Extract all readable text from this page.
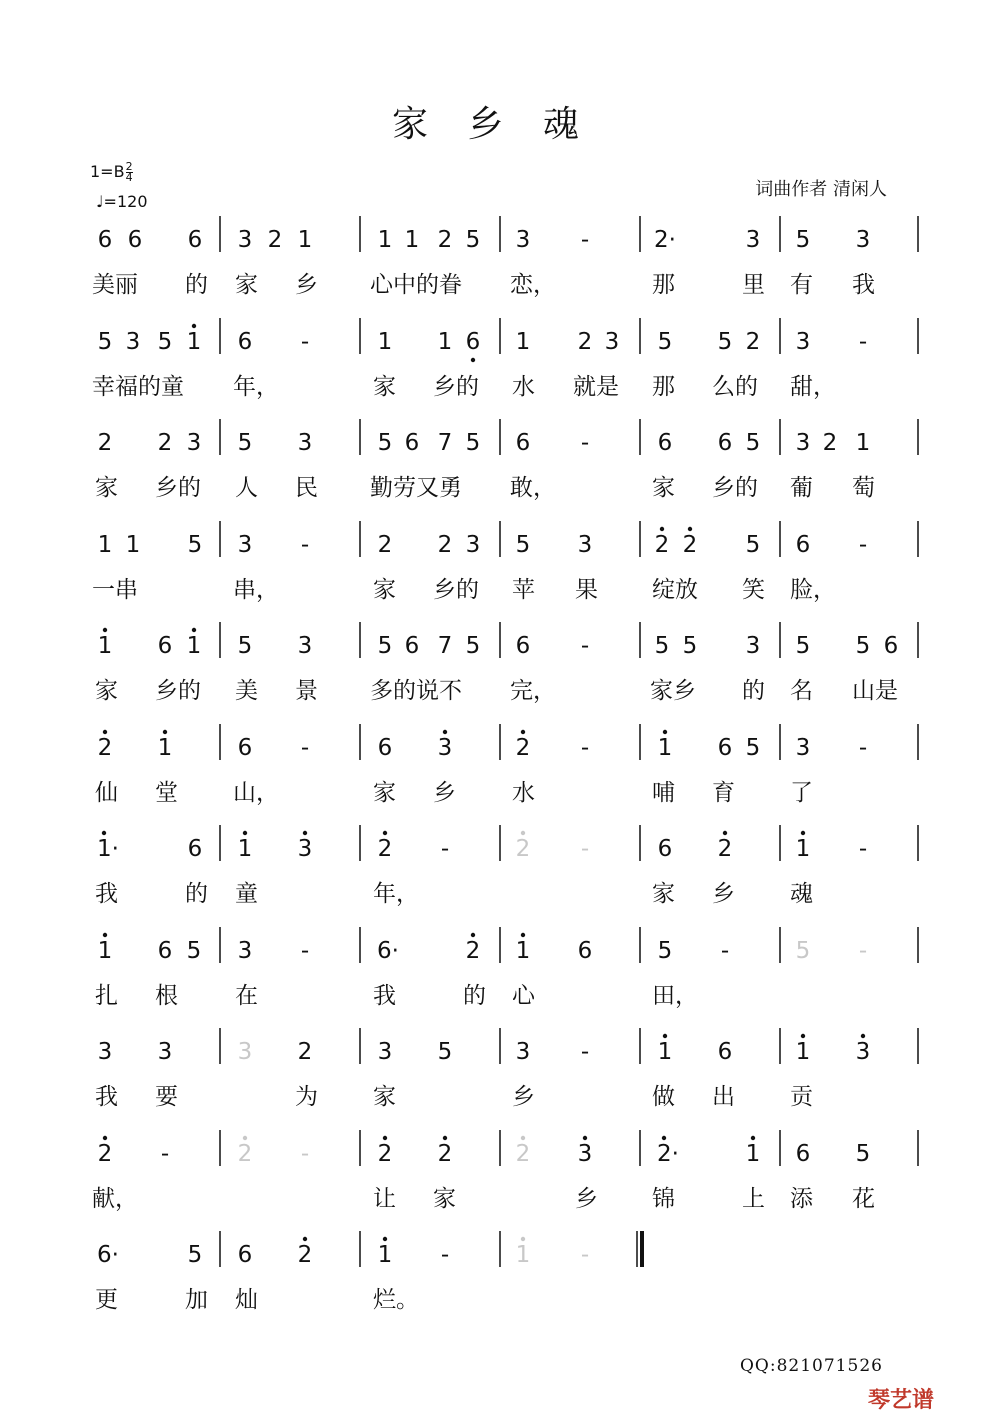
家 乡 魂
$1=B \frac{2}{4}$
♩=120
词曲作者 清闲人
6 6 6 3 2 1	1 1 2 5 3 -	2·	3 5 3
美丽 的 家 乡 心中的眷 恋，	那	里 有 我
5 3 5 1 6 -	1 1 6 1 2 3 5 5 2 3 -
幸福的童 年，	家 乡的 水 就是 那 么的 甜，
2 2 3 5 3	5 6 7 5 6 -	6 6 5 3 2 1
家 乡的 人 民 勤劳又勇 敢，	家 乡的 葡 萄
1 1 5 3 -	2 2 3 5 3	2 2 5 6 -
一串	串，	家 乡的 苹 果 绽放 笑 脸，
1 6 1 5 3	5 6 7 5 6 -	5 5 3 5 5 6
家 乡的 美 景 多的说不 完，	家乡 的 名 山是
2 1	6 -	6 3	2 -	1 6 5 3 -
仙 堂 山，	家 乡 水	哺 育 了
1·	6 1 3	2 -	2 -	6 2	1 -
我	的 童	年，	家 乡 魂
1 6 5 3 -	6·	2 1 6	5 -	5 -
扎 根 在	我	的 心	田，
3 3	3 2	3 5	3 -	1 6	1 3
我 要	为 家	乡	做 出 贡
2 -	2 -	2 2	2 3	2·	1 6 5
献，	让 家	乡 锦	上 添 花
6·	5 6 2	1 -	1 -
更	加 灿	烂。
QQ:821071526
琴艺谱
